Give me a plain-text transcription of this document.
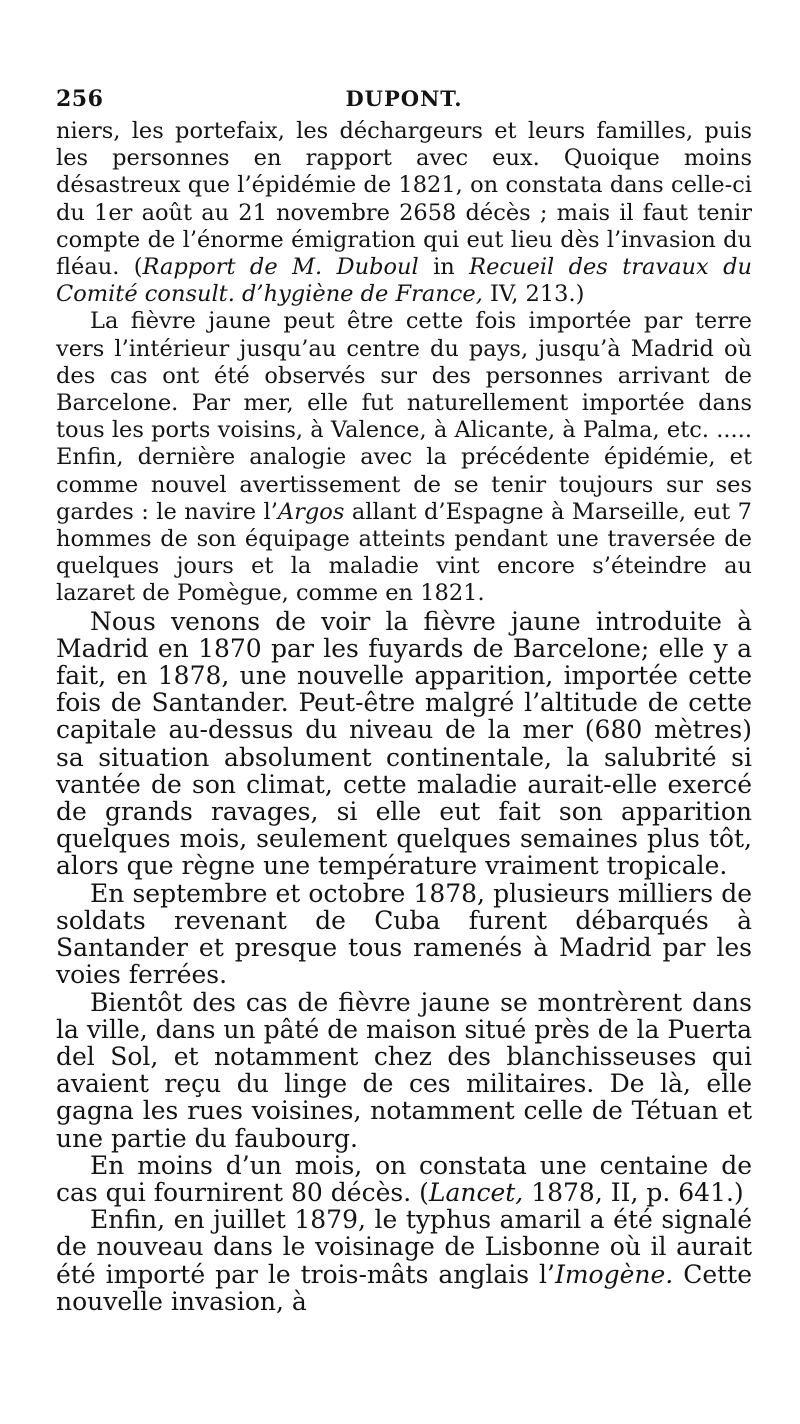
256	DUPONT.

niers, les portefaix, les déchargeurs et leurs familles, puis les personnes en rapport avec eux. Quoique moins désastreux que l’épidémie de 1821, on constata dans celle-ci du 1er août au 21 novembre 2658 décès ; mais il faut tenir compte de l’énorme émigration qui eut lieu dès l’invasion du fléau. (Rapport de M. Duboul in Recueil des travaux du Comité consult. d’hygiène de France, IV, 213.)

La fièvre jaune peut être cette fois importée par terre vers l’intérieur jusqu’au centre du pays, jusqu’à Madrid où des cas ont été observés sur des personnes arrivant de Barcelone. Par mer, elle fut naturellement importée dans tous les ports voisins, à Valence, à Alicante, à Palma, etc. ..... Enfin, dernière analogie avec la précédente épidémie, et comme nouvel avertissement de se tenir toujours sur ses gardes : le navire l’Argos allant d’Espagne à Marseille, eut 7 hommes de son équipage atteints pendant une traversée de quelques jours et la maladie vint encore s’éteindre au lazaret de Pomègue, comme en 1821.

Nous venons de voir la fièvre jaune introduite à Madrid en 1870 par les fuyards de Barcelone; elle y a fait, en 1878, une nouvelle apparition, importée cette fois de Santander. Peut-être malgré l’altitude de cette capitale au-dessus du niveau de la mer (680 mètres) sa situation absolument continentale, la salubrité si vantée de son climat, cette maladie aurait-elle exercé de grands ravages, si elle eut fait son apparition quelques mois, seulement quelques semaines plus tôt, alors que règne une température vraiment tropicale.

En septembre et octobre 1878, plusieurs milliers de soldats revenant de Cuba furent débarqués à Santander et presque tous ramenés à Madrid par les voies ferrées.

Bientôt des cas de fièvre jaune se montrèrent dans la ville, dans un pâté de maison situé près de la Puerta del Sol, et notamment chez des blanchisseuses qui avaient reçu du linge de ces militaires. De là, elle gagna les rues voisines, notamment celle de Tétuan et une partie du faubourg.

En moins d’un mois, on constata une centaine de cas qui fournirent 80 décès. (Lancet, 1878, II, p. 641.)

Enfin, en juillet 1879, le typhus amaril a été signalé de nouveau dans le voisinage de Lisbonne où il aurait été importé par le trois-mâts anglais l’Imogène. Cette nouvelle invasion, à
